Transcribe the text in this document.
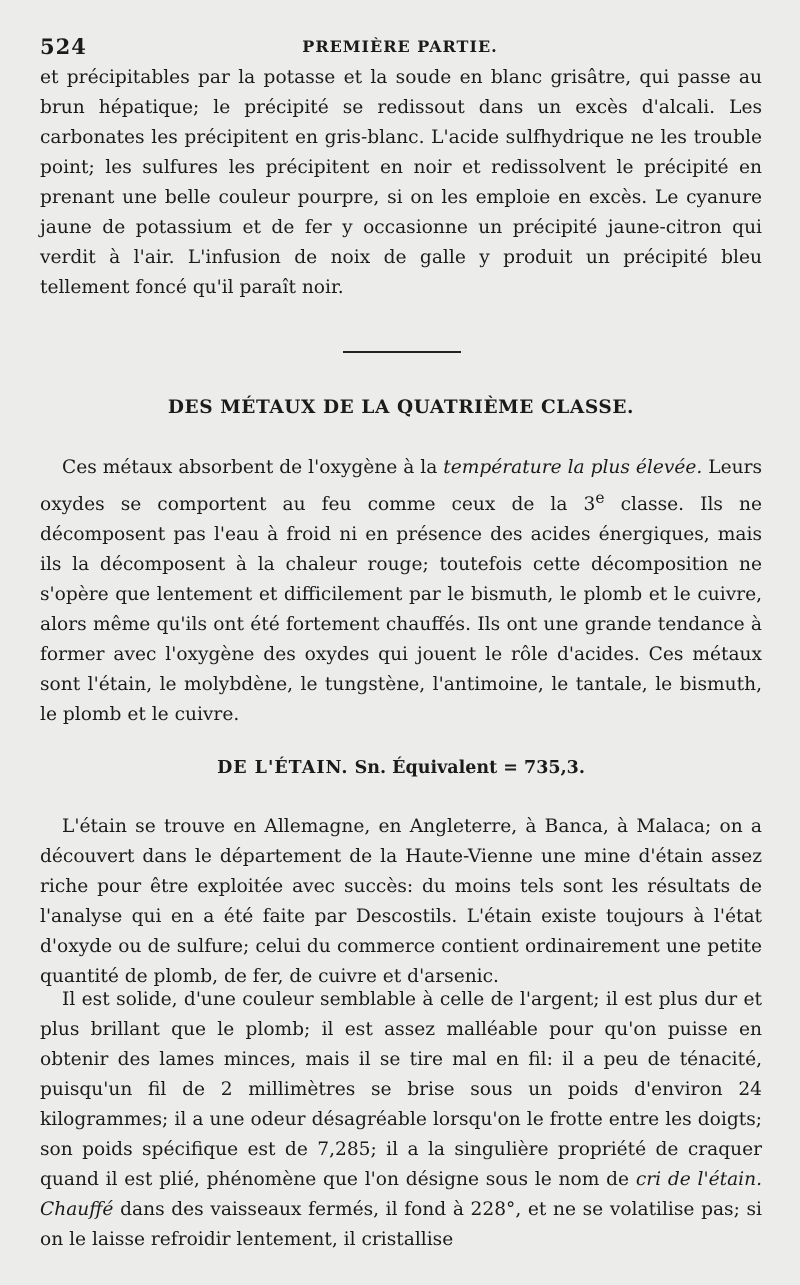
524	PREMIÈRE PARTIE.

et précipitables par la potasse et la soude en blanc grisâtre, qui passe au brun hépatique; le précipité se redissout dans un excès d'alcali. Les carbonates les précipitent en gris-blanc. L'acide sulfhydrique ne les trouble point; les sulfures les précipitent en noir et redissolvent le précipité en prenant une belle couleur pourpre, si on les emploie en excès. Le cyanure jaune de potassium et de fer y occasionne un précipité jaune-citron qui verdit à l'air. L'infusion de noix de galle y produit un précipité bleu tellement foncé qu'il paraît noir.

DES MÉTAUX DE LA QUATRIÈME CLASSE.

Ces métaux absorbent de l'oxygène à la température la plus élevée. Leurs oxydes se comportent au feu comme ceux de la 3e classe. Ils ne décomposent pas l'eau à froid ni en présence des acides énergiques, mais ils la décomposent à la chaleur rouge; toutefois cette décomposition ne s'opère que lentement et difficilement par le bismuth, le plomb et le cuivre, alors même qu'ils ont été fortement chauffés. Ils ont une grande tendance à former avec l'oxygène des oxydes qui jouent le rôle d'acides. Ces métaux sont l'étain, le molybdène, le tungstène, l'antimoine, le tantale, le bismuth, le plomb et le cuivre.

DE L'ÉTAIN. Sn. Équivalent = 735,3.

L'étain se trouve en Allemagne, en Angleterre, à Banca, à Malaca; on a découvert dans le département de la Haute-Vienne une mine d'étain assez riche pour être exploitée avec succès: du moins tels sont les résultats de l'analyse qui en a été faite par Descostils. L'étain existe toujours à l'état d'oxyde ou de sulfure; celui du commerce contient ordinairement une petite quantité de plomb, de fer, de cuivre et d'arsenic.

Il est solide, d'une couleur semblable à celle de l'argent; il est plus dur et plus brillant que le plomb; il est assez malléable pour qu'on puisse en obtenir des lames minces, mais il se tire mal en fil: il a peu de ténacité, puisqu'un fil de 2 millimètres se brise sous un poids d'environ 24 kilogrammes; il a une odeur désagréable lorsqu'on le frotte entre les doigts; son poids spécifique est de 7,285; il a la singulière propriété de craquer quand il est plié, phénomène que l'on désigne sous le nom de cri de l'étain. Chauffé dans des vaisseaux fermés, il fond à 228°, et ne se volatilise pas; si on le laisse refroidir lentement, il cristallise
